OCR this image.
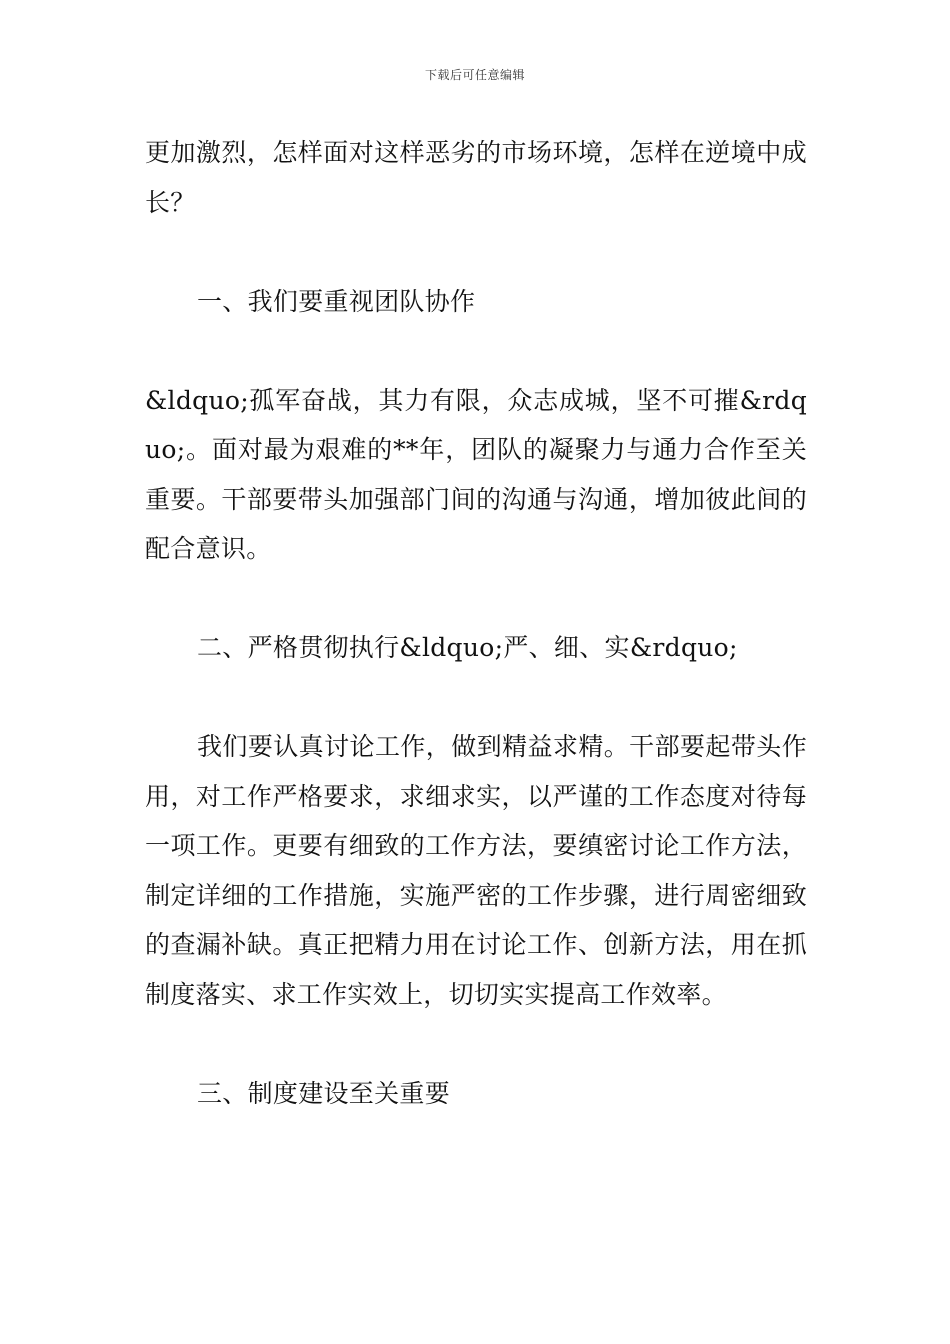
下载后可任意编辑

更加激烈，怎样面对这样恶劣的市场环境，怎样在逆境中成长？

一、我们要重视团队协作

&ldquo;孤军奋战，其力有限，众志成城，坚不可摧&rdquo;。面对最为艰难的**年，团队的凝聚力与通力合作至关重要。干部要带头加强部门间的沟通与沟通，增加彼此间的配合意识。

二、严格贯彻执行&ldquo;严、细、实&rdquo;

我们要认真讨论工作，做到精益求精。干部要起带头作用，对工作严格要求，求细求实，以严谨的工作态度对待每一项工作。更要有细致的工作方法，要缜密讨论工作方法，制定详细的工作措施，实施严密的工作步骤，进行周密细致的查漏补缺。真正把精力用在讨论工作、创新方法，用在抓制度落实、求工作实效上，切切实实提高工作效率。

三、制度建设至关重要
